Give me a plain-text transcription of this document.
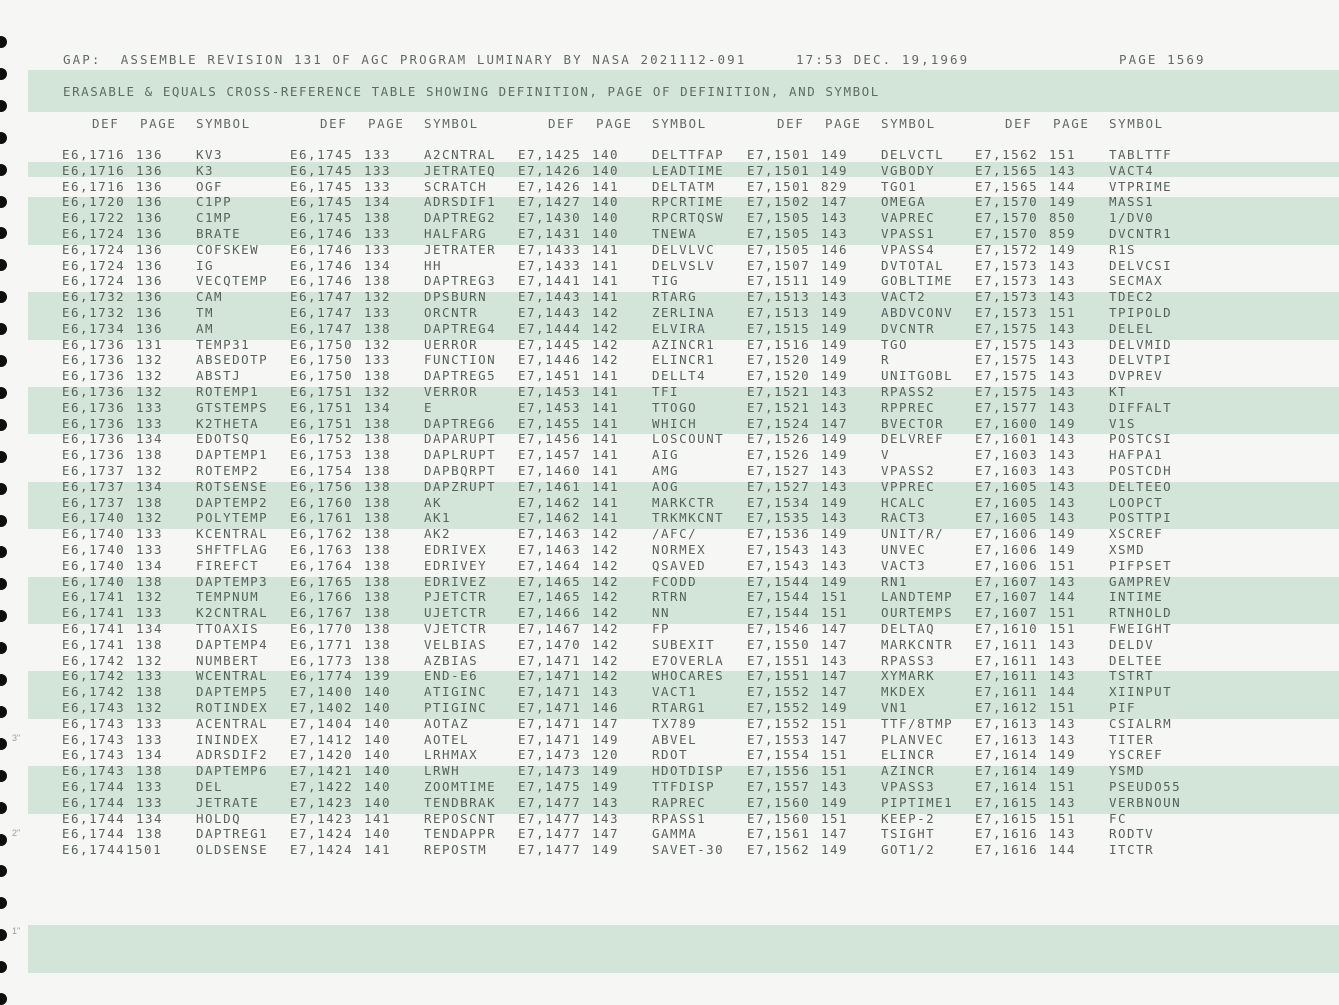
3"
2"
1"
GAP:  ASSEMBLE REVISION 131 OF AGC PROGRAM LUMINARY BY NASA 2021112-091	17:53 DEC. 19,1969	PAGE 1569
ERASABLE & EQUALS CROSS-REFERENCE TABLE SHOWING DEFINITION, PAGE OF DEFINITION, AND SYMBOL
DEF PAGE SYMBOL	DEF PAGE SYMBOL	DEF PAGE SYMBOL	DEF PAGE SYMBOL	DEF PAGE SYMBOL
E6,1716 136	KV3	E6,1745 133	A2CNTRAL E7,1425 140	DELTTFAP E7,1501 149	DELVCTL E7,1562 151	TABLTTF
E6,1716 136	K3	E6,1745 133	JETRATEQ E7,1426 140	LEADTIME E7,1501 149	VGBODY	E7,1565 143	VACT4
E6,1716 136	OGF	E6,1745 133	SCRATCH E7,1426 141	DELTATM	E7,1501 829	TGO1	E7,1565 144	VTPRIME
E6,1720 136	C1PP	E6,1745 134	ADRSDIF1 E7,1427 140	RPCRTIME E7,1502 147	OMEGA	E7,1570 149	MASS1
E6,1722 136	C1MP	E6,1745 138	DAPTREG2 E7,1430 140	RPCRTQSW E7,1505 143	VAPREC	E7,1570 850	1/DV0
E6,1724 136	BRATE	E6,1746 133	HALFARG E7,1431 140	TNEWA	E7,1505 143	VPASS1	E7,1570 859	DVCNTR1
E6,1724 136	COFSKEW E6,1746 133	JETRATER E7,1433 141	DELVLVC	E7,1505 146	VPASS4	E7,1572 149	R1S
E6,1724 136	IG	E6,1746 134	HH	E7,1433 141	DELVSLV	E7,1507 149	DVTOTAL E7,1573 143	DELVCSI
E6,1724 136	VECQTEMP E6,1746 138	DAPTREG3 E7,1441 141	TIG	E7,1511 149	GOBLTIME E7,1573 143	SECMAX
E6,1732 136	CAM	E6,1747 132	DPSBURN E7,1443 141	RTARG	E7,1513 143	VACT2	E7,1573 143	TDEC2
E6,1732 136	TM	E6,1747 133	ORCNTR	E7,1443 142	ZERLINA	E7,1513 149	ABDVCONV E7,1573 151	TPIPOLD
E6,1734 136	AM	E6,1747 138	DAPTREG4 E7,1444 142	ELVIRA	E7,1515 149	DVCNTR	E7,1575 143	DELEL
E6,1736 131	TEMP31	E6,1750 132	UERROR	E7,1445 142	AZINCR1	E7,1516 149	TGO	E7,1575 143	DELVMID
E6,1736 132	ABSEDOTP E6,1750 133	FUNCTION E7,1446 142	ELINCR1	E7,1520 149	R	E7,1575 143	DELVTPI
E6,1736 132	ABSTJ	E6,1750 138	DAPTREG5 E7,1451 141	DELLT4	E7,1520 149	UNITGOBL E7,1575 143	DVPREV
E6,1736 132	ROTEMP1 E6,1751 132	VERROR	E7,1453 141	TFI	E7,1521 143	RPASS2	E7,1575 143	KT
E6,1736 133	GTSTEMPS E6,1751 134	E	E7,1453 141	TTOGO	E7,1521 143	RPPREC	E7,1577 143	DIFFALT
E6,1736 133	K2THETA E6,1751 138	DAPTREG6 E7,1455 141	WHICH	E7,1524 147	BVECTOR E7,1600 149	V1S
E6,1736 134	EDOTSQ	E6,1752 138	DAPARUPT E7,1456 141	LOSCOUNT E7,1526 149	DELVREF E7,1601 143	POSTCSI
E6,1736 138	DAPTEMP1 E6,1753 138	DAPLRUPT E7,1457 141	AIG	E7,1526 149	V	E7,1603 143	HAFPA1
E6,1737 132	ROTEMP2 E6,1754 138	DAPBQRPT E7,1460 141	AMG	E7,1527 143	VPASS2	E7,1603 143	POSTCDH
E6,1737 134	ROTSENSE E6,1756 138	DAPZRUPT E7,1461 141	AOG	E7,1527 143	VPPREC	E7,1605 143	DELTEEO
E6,1737 138	DAPTEMP2 E6,1760 138	AK	E7,1462 141	MARKCTR	E7,1534 149	HCALC	E7,1605 143	LOOPCT
E6,1740 132	POLYTEMP E6,1761 138	AK1	E7,1462 141	TRKMKCNT E7,1535 143	RACT3	E7,1605 143	POSTTPI
E6,1740 133	KCENTRAL E6,1762 138	AK2	E7,1463 142	/AFC/	E7,1536 149	UNIT/R/ E7,1606 149	XSCREF
E6,1740 133	SHFTFLAG E6,1763 138	EDRIVEX E7,1463 142	NORMEX	E7,1543 143	UNVEC	E7,1606 149	XSMD
E6,1740 134	FIREFCT E6,1764 138	EDRIVEY E7,1464 142	QSAVED	E7,1543 143	VACT3	E7,1606 151	PIFPSET
E6,1740 138	DAPTEMP3 E6,1765 138	EDRIVEZ E7,1465 142	FCODD	E7,1544 149	RN1	E7,1607 143	GAMPREV
E6,1741 132	TEMPNUM E6,1766 138	PJETCTR E7,1465 142	RTRN	E7,1544 151	LANDTEMP E7,1607 144	INTIME
E6,1741 133	K2CNTRAL E6,1767 138	UJETCTR E7,1466 142	NN	E7,1544 151	OURTEMPS E7,1607 151	RTNHOLD
E6,1741 134	TTOAXIS E6,1770 138	VJETCTR E7,1467 142	FP	E7,1546 147	DELTAQ	E7,1610 151	FWEIGHT
E6,1741 138	DAPTEMP4 E6,1771 138	VELBIAS E7,1470 142	SUBEXIT	E7,1550 147	MARKCNTR E7,1611 143	DELDV
E6,1742 132	NUMBERT E6,1773 138	AZBIAS	E7,1471 142	E7OVERLA E7,1551 143	RPASS3	E7,1611 143	DELTEE
E6,1742 133	WCENTRAL E6,1774 139	END-E6	E7,1471 142	WHOCARES E7,1551 147	XYMARK	E7,1611 143	TSTRT
E6,1742 138	DAPTEMP5 E7,1400 140	ATIGINC E7,1471 143	VACT1	E7,1552 147	MKDEX	E7,1611 144	XIINPUT
E6,1743 132	ROTINDEX E7,1402 140	PTIGINC E7,1471 146	RTARG1	E7,1552 149	VN1	E7,1612 151	PIF
E6,1743 133	ACENTRAL E7,1404 140	AOTAZ	E7,1471 147	TX789	E7,1552 151	TTF/8TMP E7,1613 143	CSIALRM
E6,1743 133	ININDEX E7,1412 140	AOTEL	E7,1471 149	ABVEL	E7,1553 147	PLANVEC E7,1613 143	TITER
E6,1743 134	ADRSDIF2 E7,1420 140	LRHMAX	E7,1473 120	RDOT	E7,1554 151	ELINCR	E7,1614 149	YSCREF
E6,1743 138	DAPTEMP6 E7,1421 140	LRWH	E7,1473 149	HDOTDISP E7,1556 151	AZINCR	E7,1614 149	YSMD
E6,1744 133	DEL	E7,1422 140	ZOOMTIME E7,1475 149	TTFDISP	E7,1557 143	VPASS3	E7,1614 151	PSEUDO55
E6,1744 133	JETRATE E7,1423 140	TENDBRAK E7,1477 143	RAPREC	E7,1560 149	PIPTIME1 E7,1615 143	VERBNOUN
E6,1744 134	HOLDQ	E7,1423 141	REPOSCNT E7,1477 143	RPASS1	E7,1560 151	KEEP-2	E7,1615 151	FC
E6,1744 138	DAPTREG1 E7,1424 140	TENDAPPR E7,1477 147	GAMMA	E7,1561 147	TSIGHT	E7,1616 143	RODTV
E6,1744 1501	OLDSENSE E7,1424 141	REPOSTM E7,1477 149	SAVET-30 E7,1562 149	GOT1/2	E7,1616 144	ITCTR
